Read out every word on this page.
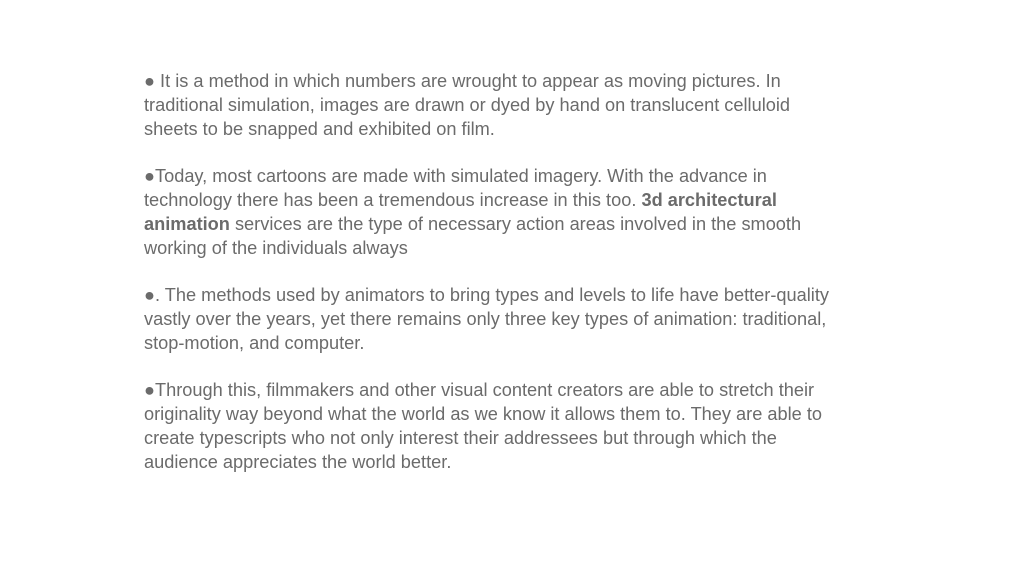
● It is a method in which numbers are wrought to appear as moving pictures. In traditional simulation, images are drawn or dyed by hand on translucent celluloid sheets to be snapped and exhibited on film.

●Today, most cartoons are made with simulated imagery. With the advance in technology there has been a tremendous increase in this too. 3d architectural animation services are the type of necessary action areas involved in the smooth working of the individuals always

●. The methods used by animators to bring types and levels to life have better-quality vastly over the years, yet there remains only three key types of animation: traditional, stop-motion, and computer.

●Through this, filmmakers and other visual content creators are able to stretch their originality way beyond what the world as we know it allows them to. They are able to create typescripts who not only interest their addressees but through which the audience appreciates the world better.
